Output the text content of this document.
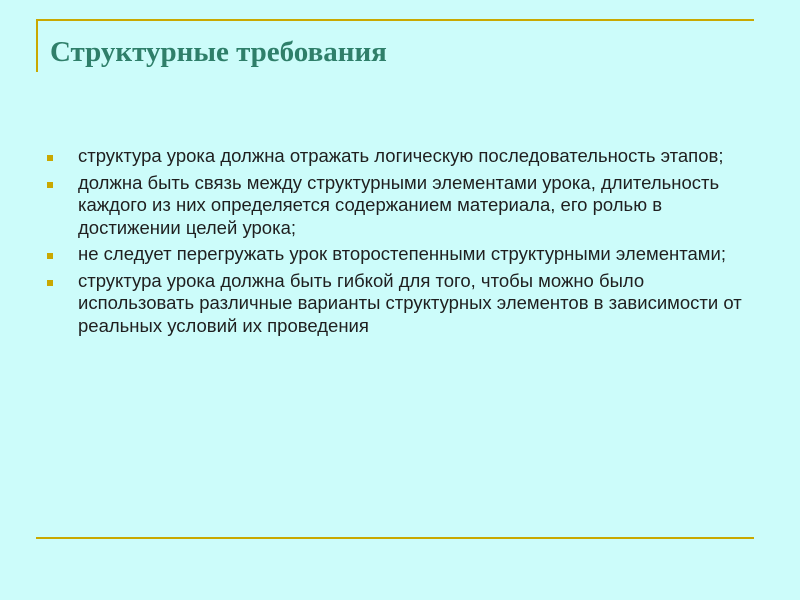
Структурные требования
структура урока должна отражать логическую последовательность этапов;
должна быть связь между структурными элементами урока, длительность каждого из них определяется содержанием материала, его ролью в достижении целей урока;
не следует перегружать урок второстепенными структурными элементами;
структура урока должна быть гибкой для того, чтобы можно было использовать различные варианты структурных элементов в зависимости от реальных условий их проведения
